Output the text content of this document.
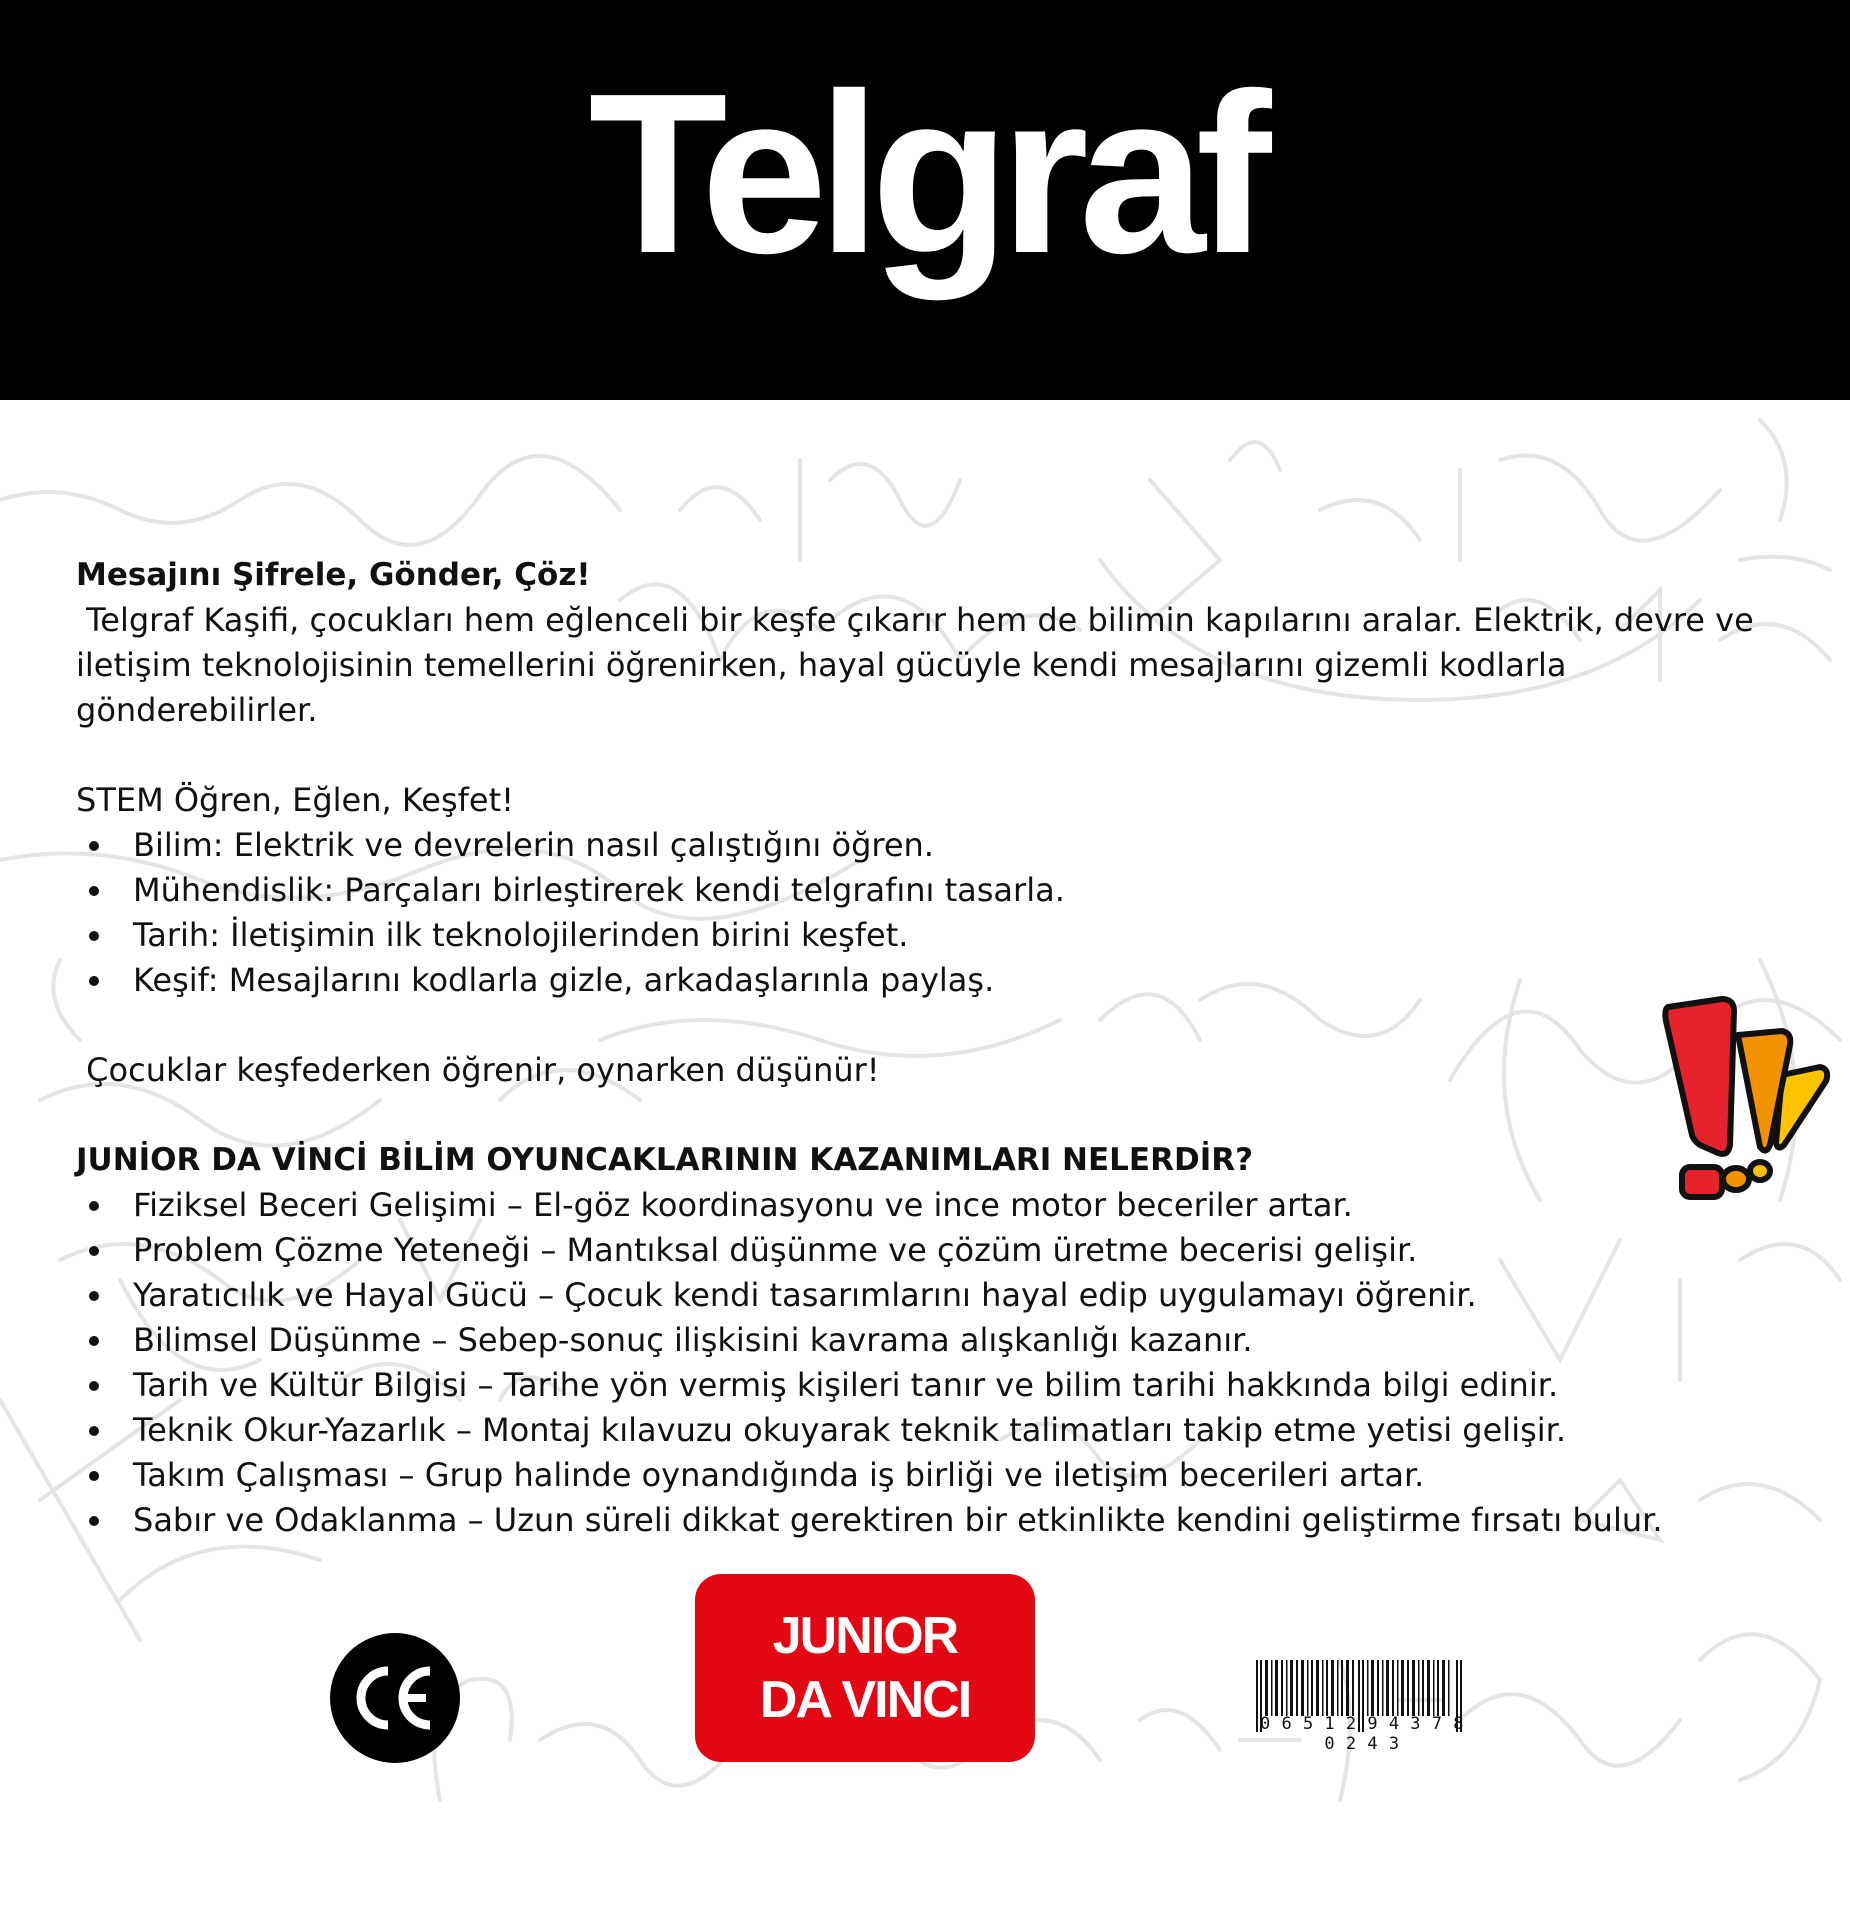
Telgraf

Mesajını Şifrele, Gönder, Çöz!

Telgraf Kaşifi, çocukları hem eğlenceli bir keşfe çıkarır hem de bilimin kapılarını aralar. Elektrik, devre ve iletişim teknolojisinin temellerini öğrenirken, hayal gücüyle kendi mesajlarını gizemli kodlarla gönderebilirler.

STEM Öğren, Eğlen, Keşfet!

Bilim: Elektrik ve devrelerin nasıl çalıştığını öğren.
Mühendislik: Parçaları birleştirerek kendi telgrafını tasarla.
Tarih: İletişimin ilk teknolojilerinden birini keşfet.
Keşif: Mesajlarını kodlarla gizle, arkadaşlarınla paylaş.

Çocuklar keşfederken öğrenir, oynarken düşünür!

JUNİOR DA VİNCİ BİLİM OYUNCAKLARININ KAZANIMLARI NELERDİR?

Fiziksel Beceri Gelişimi – El-göz koordinasyonu ve ince motor beceriler artar.
Problem Çözme Yeteneği – Mantıksal düşünme ve çözüm üretme becerisi gelişir.
Yaratıcılık ve Hayal Gücü – Çocuk kendi tasarımlarını hayal edip uygulamayı öğrenir.
Bilimsel Düşünme – Sebep-sonuç ilişkisini kavrama alışkanlığı kazanır.
Tarih ve Kültür Bilgisi – Tarihe yön vermiş kişileri tanır ve bilim tarihi hakkında bilgi edinir.
Teknik Okur-Yazarlık – Montaj kılavuzu okuyarak teknik talimatları takip etme yetisi gelişir.
Takım Çalışması – Grup halinde oynandığında iş birliği ve iletişim becerileri artar.
Sabır ve Odaklanma – Uzun süreli dikkat gerektiren bir etkinlikte kendini geliştirme fırsatı bulur.
JUNIOR
DA VINCI	0 6 5 1 2 9 4 3 7 8 0 2 4 3
